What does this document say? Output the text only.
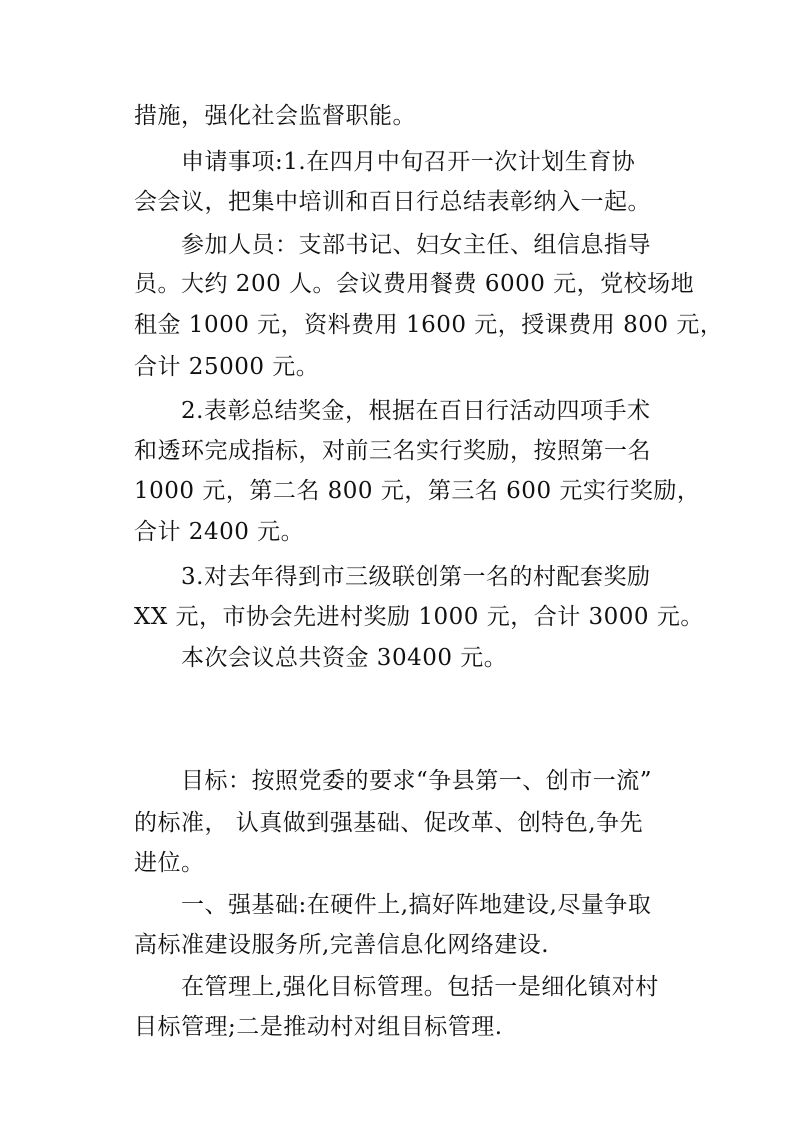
措施，强化社会监督职能。
申请事项:1.在四月中旬召开一次计划生育协
会会议，把集中培训和百日行总结表彰纳入一起。
参加人员：支部书记、妇女主任、组信息指导
员。大约 200 人。会议费用餐费 6000 元，党校场地
租金 1000 元，资料费用 1600 元，授课费用 800 元，
合计 25000 元。
2.表彰总结奖金，根据在百日行活动四项手术
和透环完成指标，对前三名实行奖励，按照第一名
1000 元，第二名 800 元，第三名 600 元实行奖励，
合计 2400 元。
3.对去年得到市三级联创第一名的村配套奖励
XX 元，市协会先进村奖励 1000 元，合计 3000 元。
本次会议总共资金 30400 元。
目标：按照党委的要求“争县第一、创市一流”
的标准， 认真做到强基础、促改革、创特色,争先
进位。
一、强基础:在硬件上,搞好阵地建设,尽量争取
高标准建设服务所,完善信息化网络建设.
在管理上,强化目标管理。包括一是细化镇对村
目标管理;二是推动村对组目标管理.
